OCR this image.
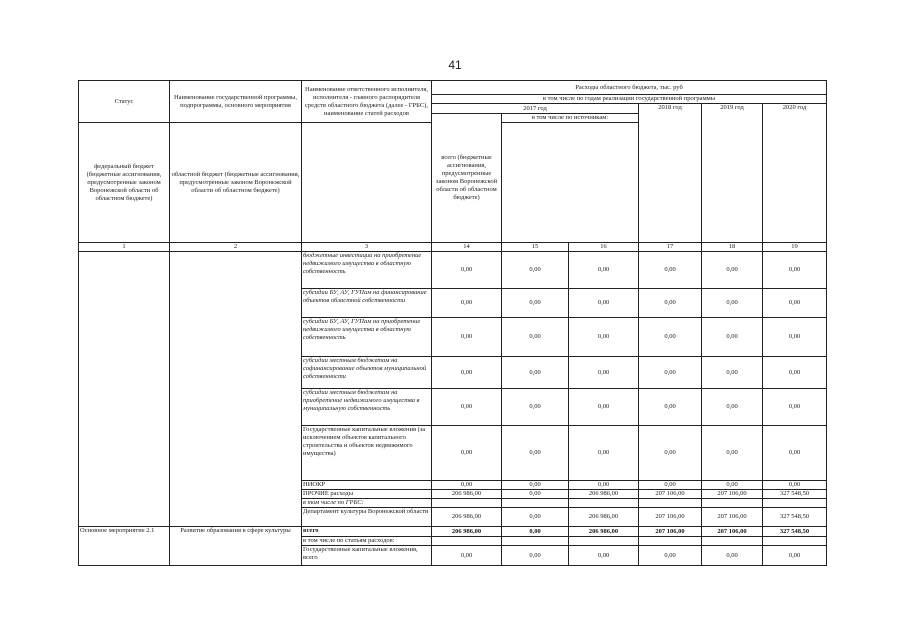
41
Статус	Наименование государственной программы, подпрограммы, основного мероприятия	Наименование ответственного исполнителя, исполнителя - главного распорядителя средств областного бюджета (далее - ГРБС), наименование статей расходов	Расходы областного бюджета, тыс. руб					
			в том числе по годам реализации государственной программы					
			2017 год			2018 год	2019 год	2020 год
			всего (бюджетные ассигнования, предусмотренные законом Воронежской области об областном бюджете)	в том числе по источникам:				
федеральный бюджет (бюджетные ассигнования, предусмотренные законом Воронежской области об областном бюджете)	областной бюджет (бюджетные ассигнования, предусмотренные законом Воронежской области об областном бюджете)							
1	2	3	14	15	16	17	18	19
		бюджетные инвестиции на приобретение недвижимого имущества в областную собственность	0,00	0,00	0,00	0,00	0,00	0,00
		субсидии БУ, АУ, ГУПам на финансирование объектов областной собственности	0,00	0,00	0,00	0,00	0,00	0,00
		субсидии БУ, АУ, ГУПам на приобретение недвижимого имущества в областную собственность	0,00	0,00	0,00	0,00	0,00	0,00
		субсидии местным бюджетам на софинансирование объектов муниципальной собственности	0,00	0,00	0,00	0,00	0,00	0,00
		субсидии местным бюджетам на приобретение недвижимого имущества в муниципальную собственность	0,00	0,00	0,00	0,00	0,00	0,00
		Государственные капитальные вложения (за исключением объектов капитального строительства и объектов недвижимого имущества)	0,00	0,00	0,00	0,00	0,00	0,00
		НИОКР	0,00	0,00	0,00	0,00	0,00	0,00
		ПРОЧИЕ расходы	206 986,00	0,00	206 986,00	207 106,00	207 106,00	327 548,50
		в том числе по ГРБС:						
		Департамент культуры Воронежской области	206 986,00	0,00	206 986,00	207 106,00	207 106,00	327 548,50
Основное мероприятие 2.1	Развитие образования в сфере культуры	всего	206 986,00	0,00	206 986,00	207 106,00	207 106,00	327 548,50
		в том числе по статьям расходов:						
		Государственные капитальные вложения, всего	0,00	0,00	0,00	0,00	0,00	0,00
